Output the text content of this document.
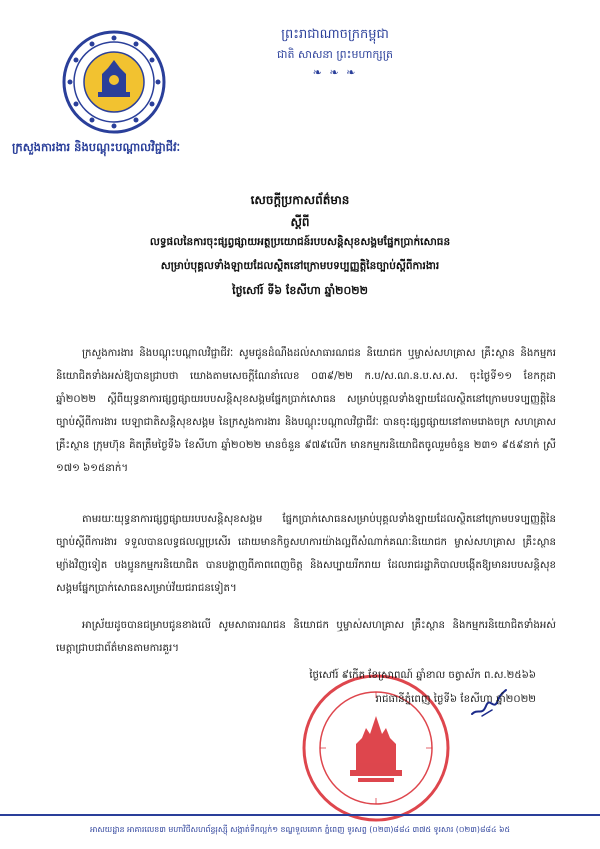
ព្រះរាជាណាចក្រកម្ពុជា
ជាតិ សាសនា ព្រះមហាក្សត្រ
❧ ❧ ❧
ក្រសួងការងារ និងបណ្តុះបណ្តាលវិជ្ជាជីវៈ
សេចក្តីប្រកាសព័ត៌មាន
ស្តីពី
លទ្ធផលនៃការចុះផ្សព្វផ្សាយអត្ថប្រយោជន៍របបសន្តិសុខសង្គមផ្នែកប្រាក់សោធន
សម្រាប់បុគ្គលទាំងឡាយដែលស្ថិតនៅក្រោមបទប្បញ្ញត្តិនៃច្បាប់ស្តីពីការងារ
ថ្ងៃសៅរ៍ ទី៦ ខែសីហា ឆ្នាំ២០២២
ក្រសួងការងារ និងបណ្តុះបណ្តាលវិជ្ជាជីវៈ សូមជូនដំណឹងដល់សាធារណជន និយោជក ឬម្ចាស់សហគ្រាស គ្រឹះស្ថាន និងកម្មករនិយោជិតទាំងអស់ឱ្យបានជ្រាបថា យោងតាមសេចក្តីណែនាំលេខ ០៣៩/២២ ក.ប/ស.ណ.ន.ប.ស.ស. ចុះថ្ងៃទី១១ ខែកក្កដា ឆ្នាំ២០២២ ស្តីពីយុទ្ធនាការផ្សព្វផ្សាយរបបសន្តិសុខសង្គមផ្នែកប្រាក់សោធន សម្រាប់បុគ្គលទាំងឡាយដែលស្ថិតនៅក្រោមបទប្បញ្ញត្តិនៃច្បាប់ស្តីពីការងារ បេឡាជាតិសន្តិសុខសង្គម នៃក្រសួងការងារ និងបណ្តុះបណ្តាលវិជ្ជាជីវៈ បានចុះផ្សព្វផ្សាយនៅតាមរោងចក្រ សហគ្រាស គ្រឹះស្ថាន ក្រុមហ៊ុន គិតត្រឹមថ្ងៃទី៦ ខែសីហា ឆ្នាំ២០២២ មានចំនួន ៩៧៩លើក មានកម្មករនិយោជិតចូលរួមចំនួន ២៣១ ៩៥៩នាក់ ស្រី ១៧១ ៦១៥នាក់។
តាមរយៈយុទ្ធនាការផ្សព្វផ្សាយរបបសន្តិសុខសង្គម ផ្នែកប្រាក់សោធនសម្រាប់បុគ្គលទាំងឡាយដែលស្ថិតនៅក្រោមបទប្បញ្ញត្តិនៃច្បាប់ស្តីពីការងារ ទទួលបានលទ្ធផលល្អប្រសើរ ដោយមានកិច្ចសហការយ៉ាងល្អពីសំណាក់គណៈនិយោជក ម្ចាស់សហគ្រាស គ្រឹះស្ថាន ម្យ៉ាងវិញទៀត បងប្អូនកម្មករនិយោជិត បានបង្ហាញពីភាពពេញចិត្ត និងសប្បាយរីករាយ ដែលរាជរដ្ឋាភិបាលបង្កើតឱ្យមានរបបសន្តិសុខសង្គមផ្នែកប្រាក់សោធនសម្រាប់វ័យជរាជនទៀត។
អាស្រ័យដូចបានជម្រាបជូនខាងលើ សូមសាធារណជន និយោជក ឬម្ចាស់សហគ្រាស គ្រឹះស្ថាន និងកម្មករនិយោជិតទាំងអស់ មេត្តាជ្រាបជាព័ត៌មានតាមការគួរ។
ថ្ងៃសៅរ៍ ៩កើត ខែស្រាពណ៍ ឆ្នាំខាល ចត្វាស័ក ព.ស.២៥៦៦
រាជធានីភ្នំពេញ ថ្ងៃទី៦ ខែសីហា ឆ្នាំ២០២២
អាសយដ្ឋាន អាគារលេខ៣ មហាវិថីសហព័ន្ធរុស្ស៊ី សង្កាត់ទឹកល្អក់១ ខណ្ឌទួលគោក ភ្នំពេញ ទូរសព្ទ (០២៣)៨៨៤ ៣៧៥ ទូរសារ (០២៣)៨៨៤ ៦៥
